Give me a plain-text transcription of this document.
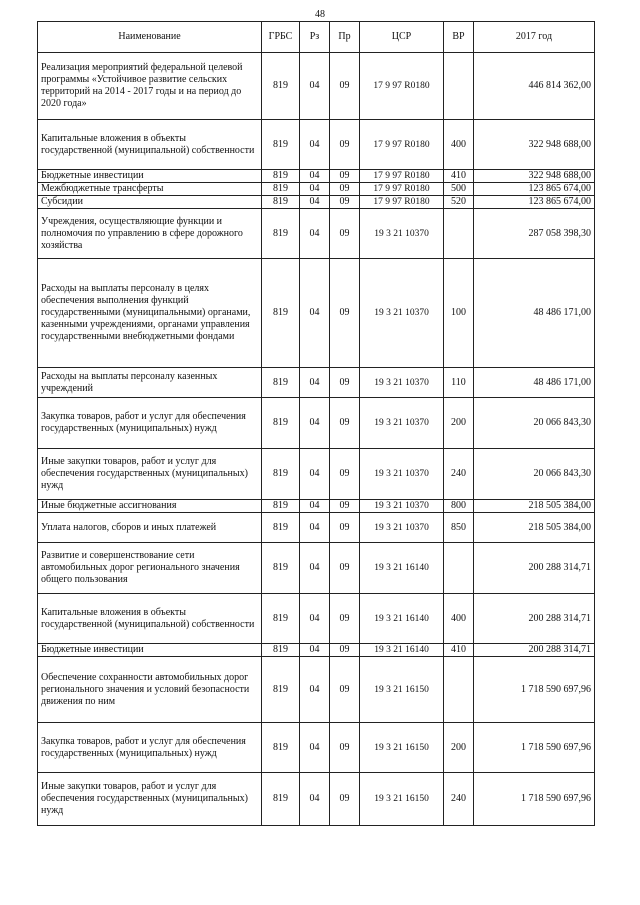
48
Наименование	ГРБС	Рз	Пр	ЦСР	ВР	2017 год
Реализация мероприятий федеральной целевой программы «Устойчивое развитие сельских территорий на 2014 - 2017 годы и на период до 2020 года»	819	04	09	17 9 97 R0180		446 814 362,00
Капитальные вложения в объекты государственной (муниципальной) собственности	819	04	09	17 9 97 R0180	400	322 948 688,00
Бюджетные инвестиции	819	04	09	17 9 97 R0180	410	322 948 688,00
Межбюджетные трансферты	819	04	09	17 9 97 R0180	500	123 865 674,00
Субсидии	819	04	09	17 9 97 R0180	520	123 865 674,00
Учреждения, осуществляющие функции и полномочия по управлению в сфере дорожного хозяйства	819	04	09	19 3 21 10370		287 058 398,30
Расходы на выплаты персоналу в целях обеспечения выполнения функций государственными (муниципальными) органами, казенными учреждениями, органами управления государственными внебюджетными фондами	819	04	09	19 3 21 10370	100	48 486 171,00
Расходы на выплаты персоналу казенных учреждений	819	04	09	19 3 21 10370	110	48 486 171,00
Закупка товаров, работ и услуг для обеспечения государственных (муниципальных) нужд	819	04	09	19 3 21 10370	200	20 066 843,30
Иные закупки товаров, работ и услуг для обеспечения государственных (муниципальных) нужд	819	04	09	19 3 21 10370	240	20 066 843,30
Иные бюджетные ассигнования	819	04	09	19 3 21 10370	800	218 505 384,00
Уплата налогов, сборов и иных платежей	819	04	09	19 3 21 10370	850	218 505 384,00
Развитие и совершенствование сети автомобильных дорог регионального значения общего пользования	819	04	09	19 3 21 16140		200 288 314,71
Капитальные вложения в объекты государственной (муниципальной) собственности	819	04	09	19 3 21 16140	400	200 288 314,71
Бюджетные инвестиции	819	04	09	19 3 21 16140	410	200 288 314,71
Обеспечение сохранности автомобильных дорог регионального значения и условий безопасности движения по ним	819	04	09	19 3 21 16150		1 718 590 697,96
Закупка товаров, работ и услуг для обеспечения государственных (муниципальных) нужд	819	04	09	19 3 21 16150	200	1 718 590 697,96
Иные закупки товаров, работ и услуг для обеспечения государственных (муниципальных) нужд	819	04	09	19 3 21 16150	240	1 718 590 697,96
